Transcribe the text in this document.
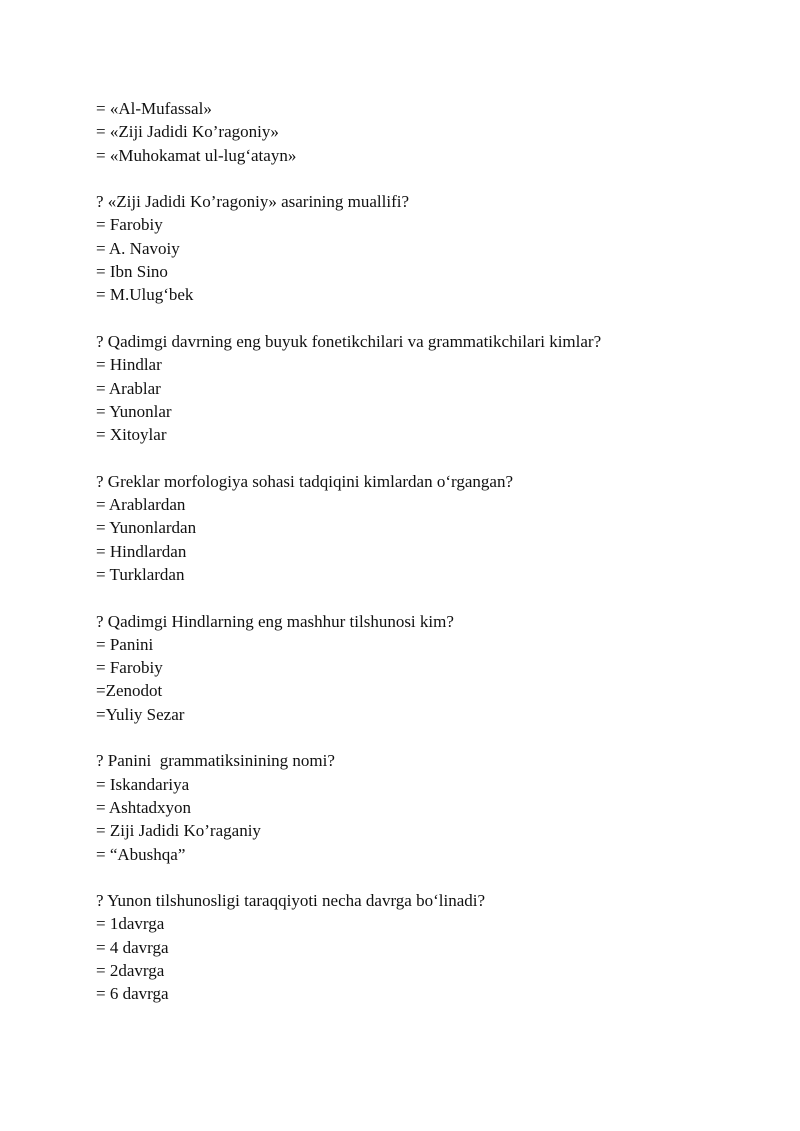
= «Al-Mufassal»
= «Ziji Jadidi Ko’ragoniy»
= «Muhokamat ul-lug‘atayn»
? «Ziji Jadidi Ko’ragoniy» asarining muallifi?
= Farobiy
= A. Navoiy
= Ibn Sino
= M.Ulug‘bek
? Qadimgi davrning eng buyuk fonetikchilari va grammatikchilari kimlar?
= Hindlar
= Arablar
= Yunonlar
= Xitoylar
? Greklar morfologiya sohasi tadqiqini kimlardan o‘rgangan?
= Arablardan
= Yunonlardan
= Hindlardan
= Turklardan
? Qadimgi Hindlarning eng mashhur tilshunosi kim?
= Panini
= Farobiy
=Zenodot
=Yuliy Sezar
? Panini  grammatiksinining nomi?
= Iskandariya
= Ashtadxyon
= Ziji Jadidi Ko’raganiy
= “Abushqa”
? Yunon tilshunosligi taraqqiyoti necha davrga bo‘linadi?
= 1davrga
= 4 davrga
= 2davrga
= 6 davrga
